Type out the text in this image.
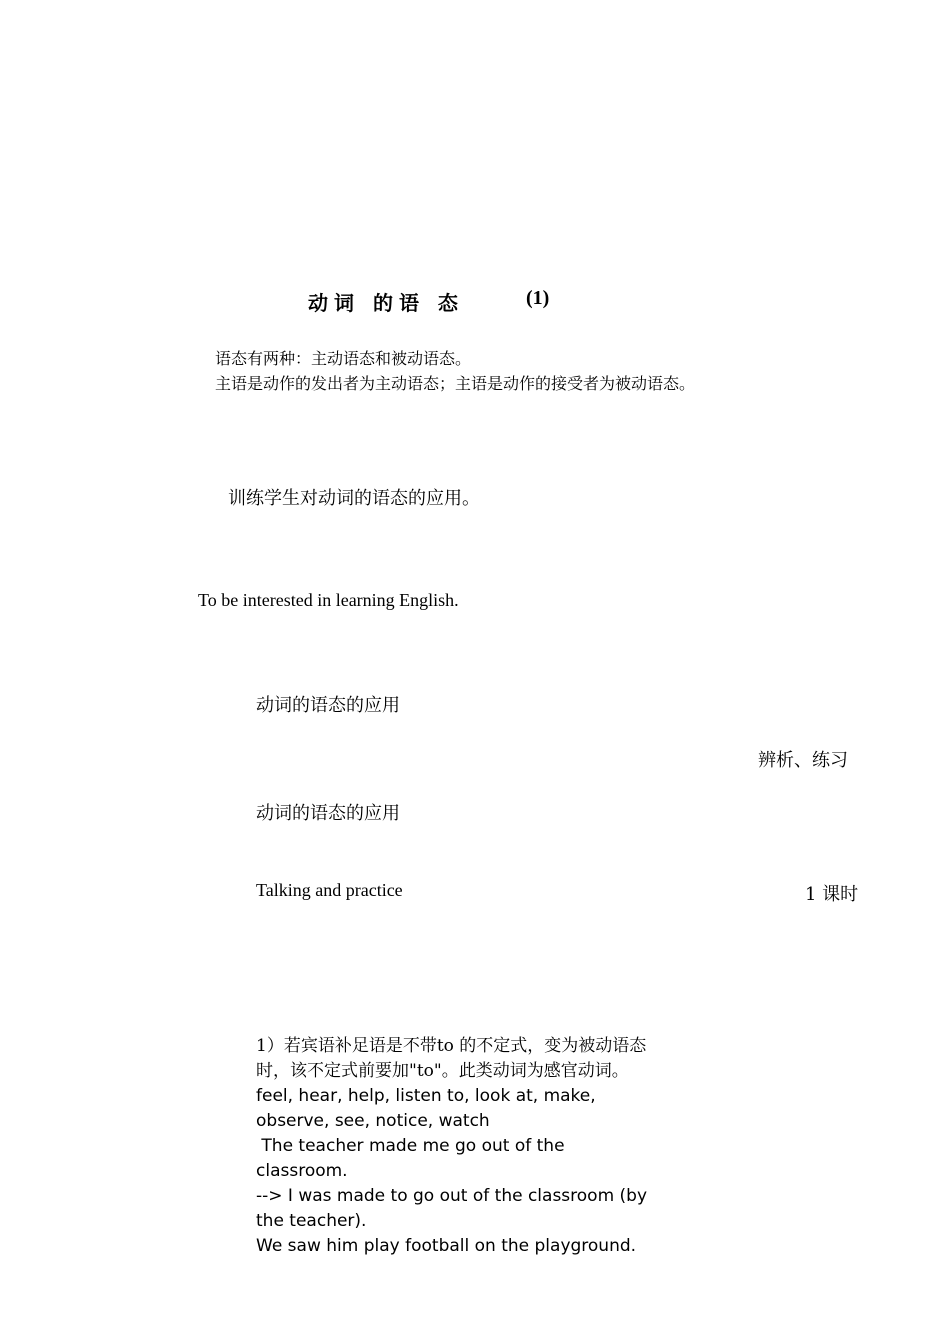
动词 的语 态	(1)
语态有两种：主动语态和被动语态。
主语是动作的发出者为主动语态；主语是动作的接受者为被动语态。
训练学生对动词的语态的应用。
To be interested in learning English.
动词的语态的应用
辨析、练习
动词的语态的应用
Talking and practice	1 课时
1）若宾语补足语是不带to 的不定式，变为被动语态
时，该不定式前要加"to"。此类动词为感官动词。
feel, hear, help, listen to, look at, make,
observe, see, notice, watch
The teacher made me go out of the
classroom.
--> I was made to go out of the classroom (by
the teacher).
We saw him play football on the playground.
